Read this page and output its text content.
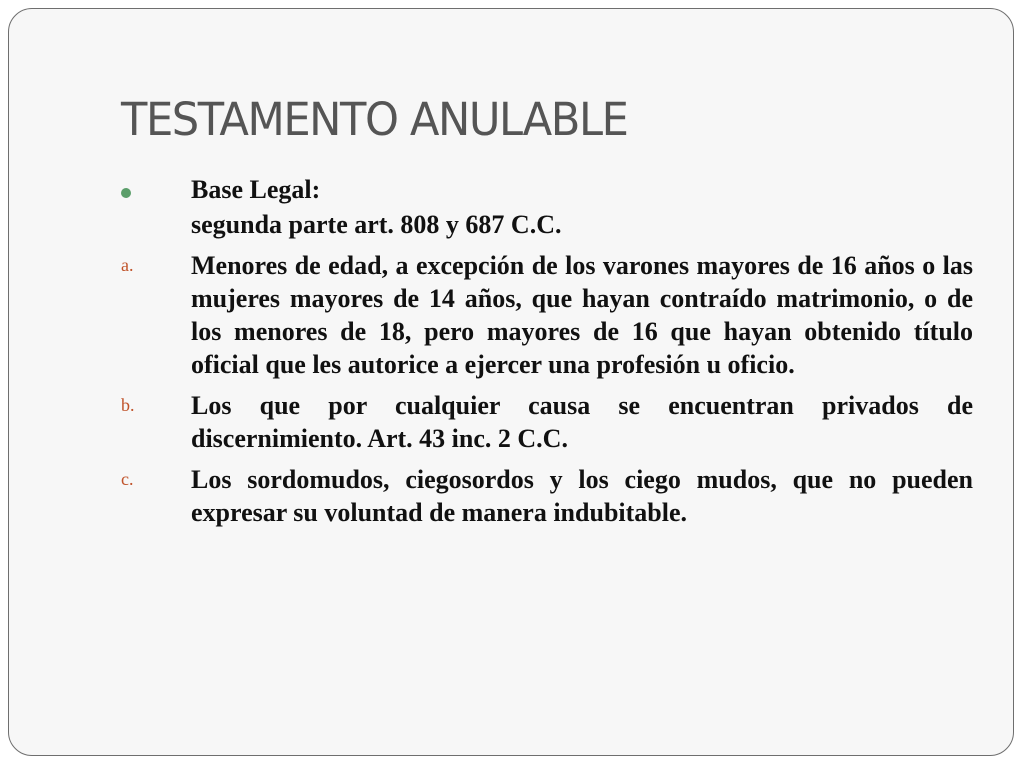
TESTAMENTO ANULABLE
Base Legal:
segunda parte art. 808 y 687 C.C.
a. Menores de edad, a excepción de los varones mayores de 16 años o las mujeres mayores de 14 años, que hayan contraído matrimonio, o de los menores de 18, pero mayores de 16 que hayan obtenido título oficial que les autorice a ejercer una profesión u oficio.
b. Los que por cualquier causa se encuentran privados de discernimiento. Art. 43 inc. 2 C.C.
c. Los sordomudos, ciegosordos y los ciego mudos, que no pueden expresar su voluntad de manera indubitable.
